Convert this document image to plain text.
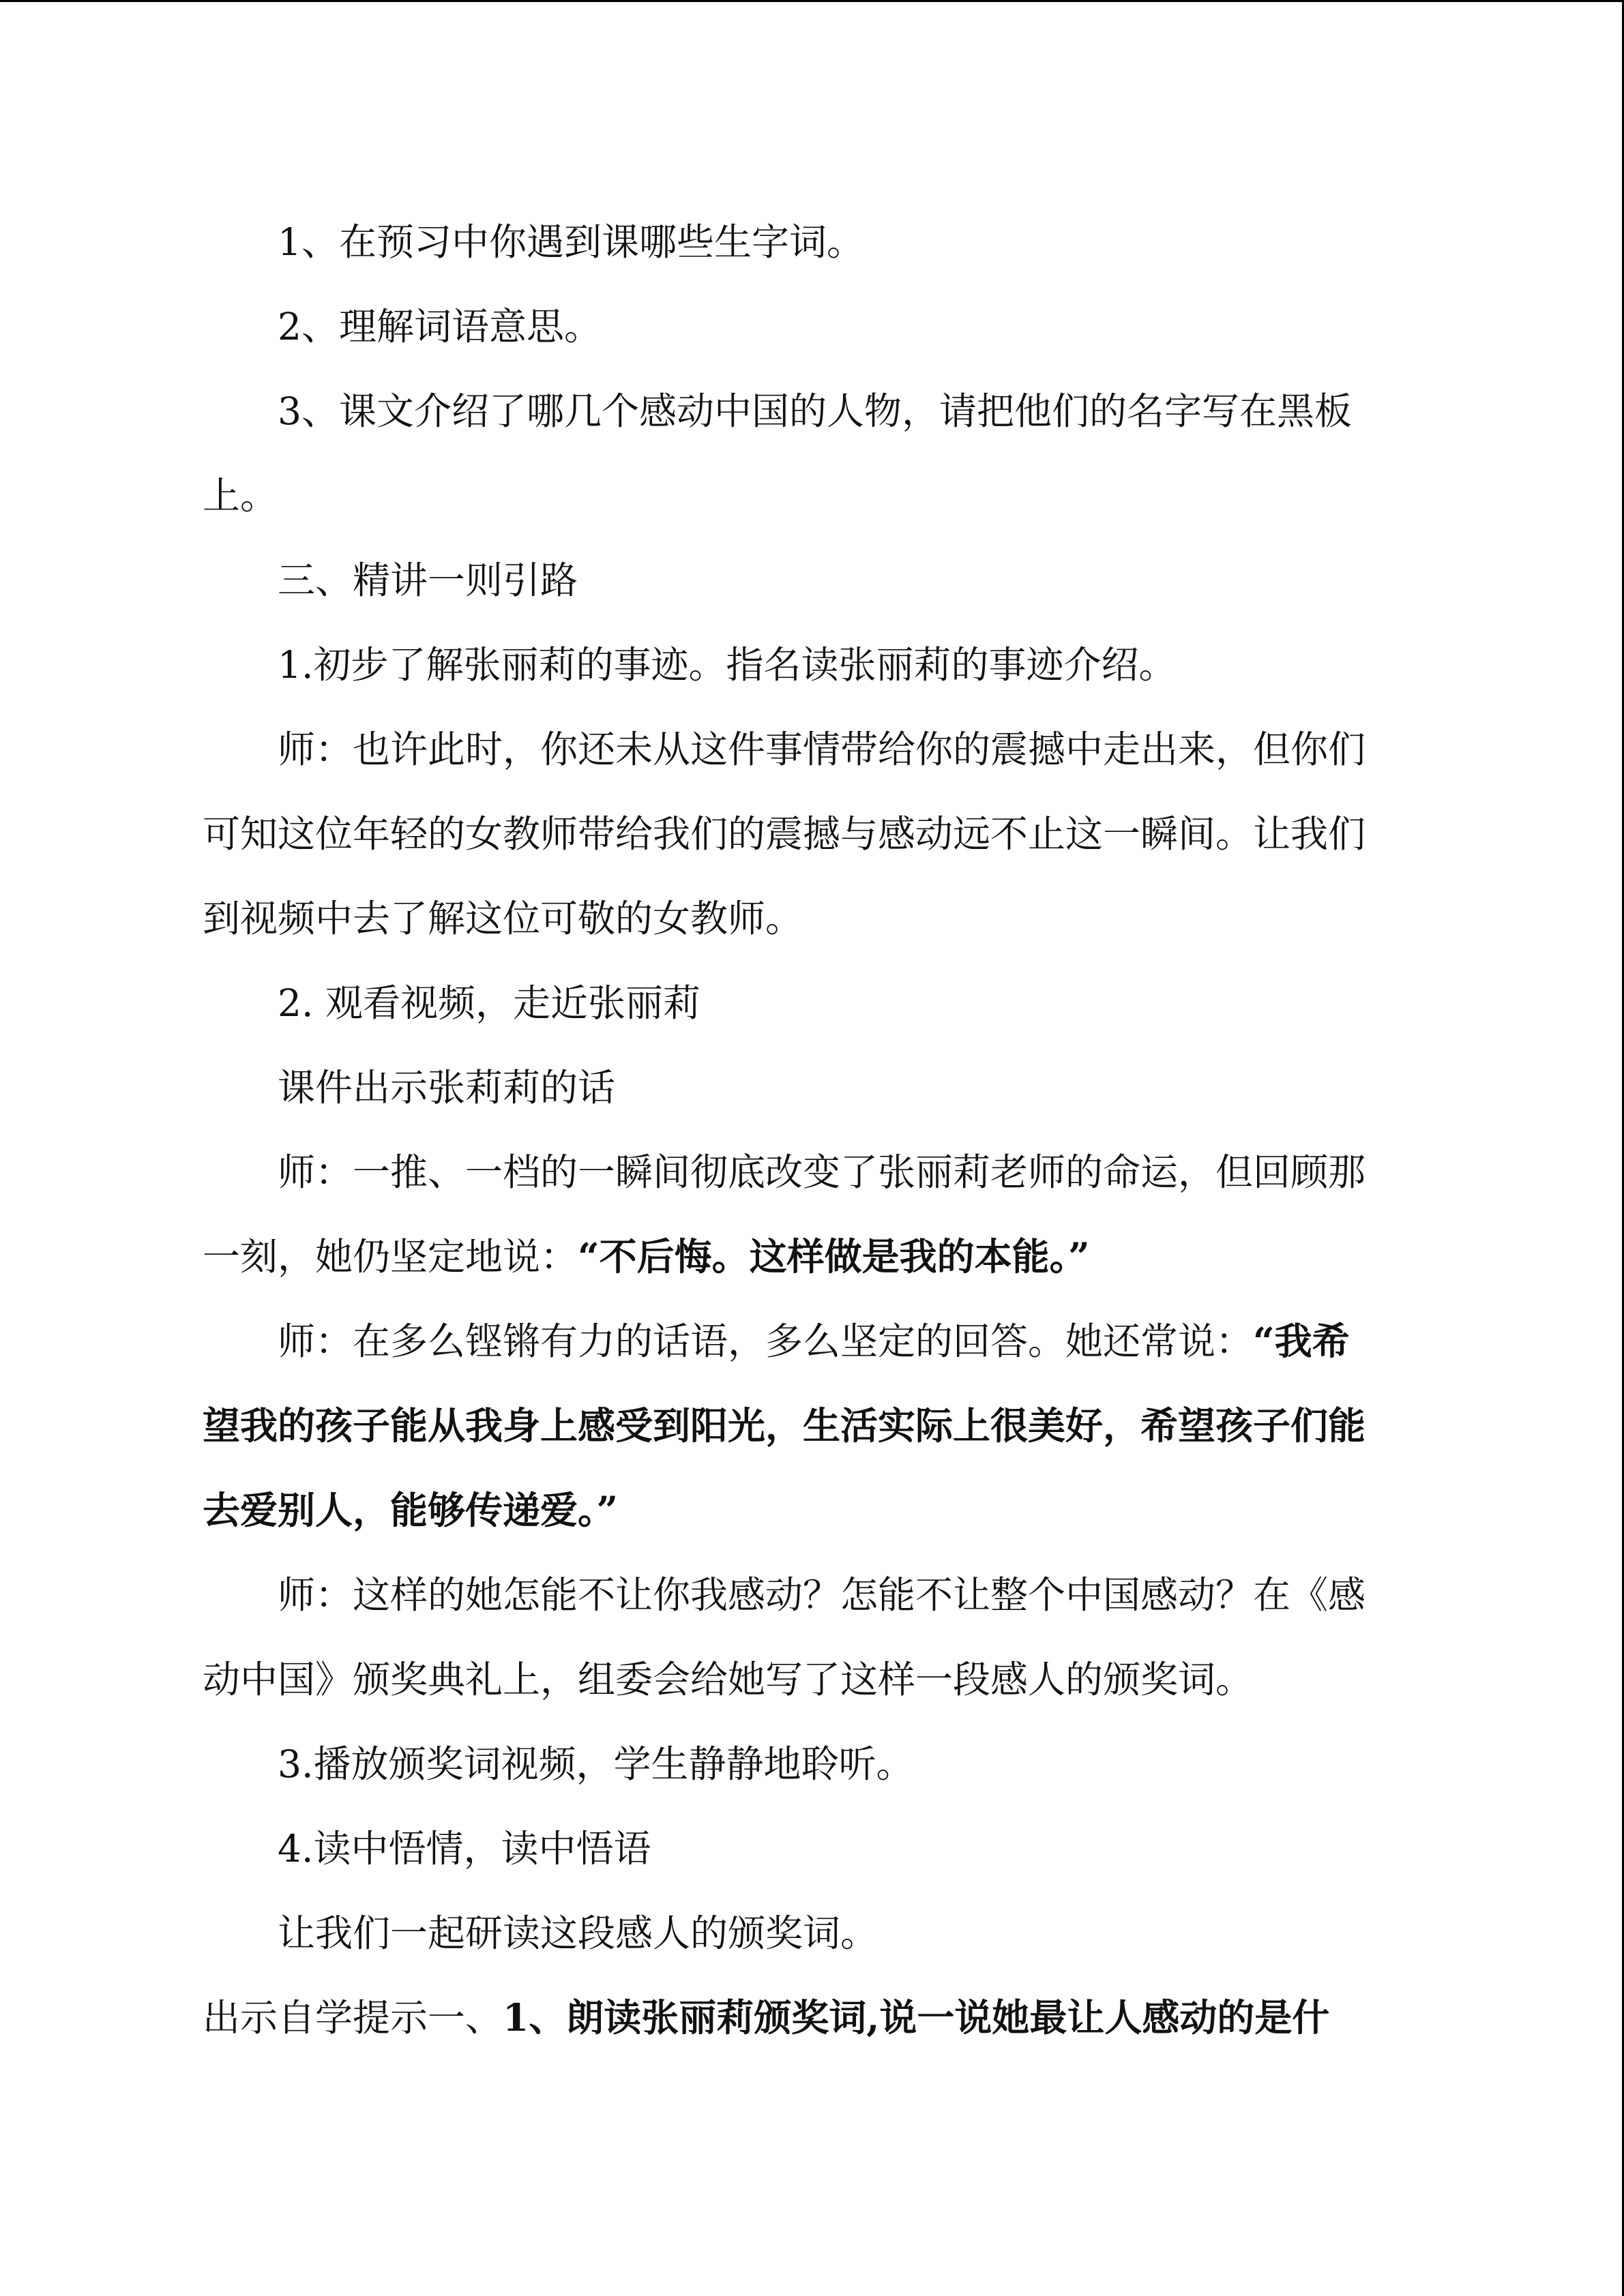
1、在预习中你遇到课哪些生字词。

2、理解词语意思。

3、课文介绍了哪几个感动中国的人物，请把他们的名字写在黑板

上。

三、精讲一则引路

1.初步了解张丽莉的事迹。指名读张丽莉的事迹介绍。

师：也许此时，你还未从这件事情带给你的震撼中走出来，但你们

可知这位年轻的女教师带给我们的震撼与感动远不止这一瞬间。让我们

到视频中去了解这位可敬的女教师。

2. 观看视频，走近张丽莉

课件出示张莉莉的话

师：一推、一档的一瞬间彻底改变了张丽莉老师的命运，但回顾那

一刻，她仍坚定地说：“不后悔。这样做是我的本能。”

师：在多么铿锵有力的话语，多么坚定的回答。她还常说：“我希

望我的孩子能从我身上感受到阳光，生活实际上很美好，希望孩子们能

去爱别人，能够传递爱。”

师：这样的她怎能不让你我感动？怎能不让整个中国感动？在《感

动中国》颁奖典礼上，组委会给她写了这样一段感人的颁奖词。

3.播放颁奖词视频，学生静静地聆听。

4.读中悟情，读中悟语

让我们一起研读这段感人的颁奖词。

出示自学提示一、1、朗读张丽莉颁奖词,说一说她最让人感动的是什
